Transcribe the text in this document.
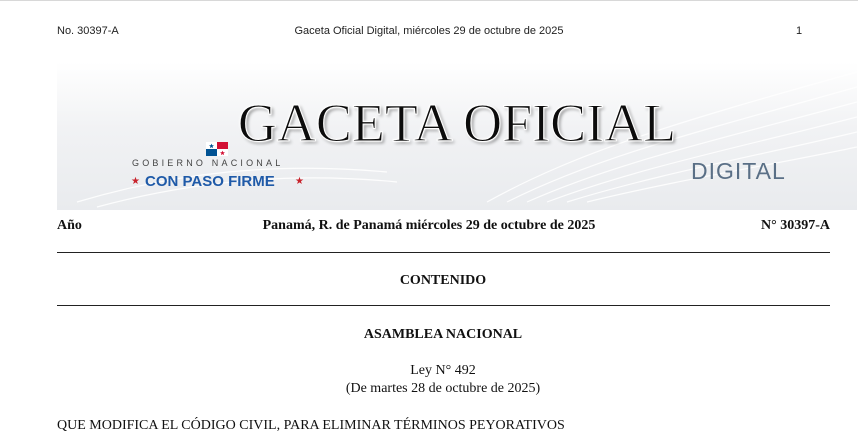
No. 30397-A	Gaceta Oficial Digital, miércoles 29 de octubre de 2025	1
GACETA OFICIAL
DIGITAL
GOBIERNO NACIONAL
★ CON PASO FIRME ★
Año	Panamá, R. de Panamá miércoles 29 de octubre de 2025	N° 30397-A
CONTENIDO
ASAMBLEA NACIONAL
Ley N° 492
(De martes 28 de octubre de 2025)
QUE MODIFICA EL CÓDIGO CIVIL, PARA ELIMINAR TÉRMINOS PEYORATIVOS
